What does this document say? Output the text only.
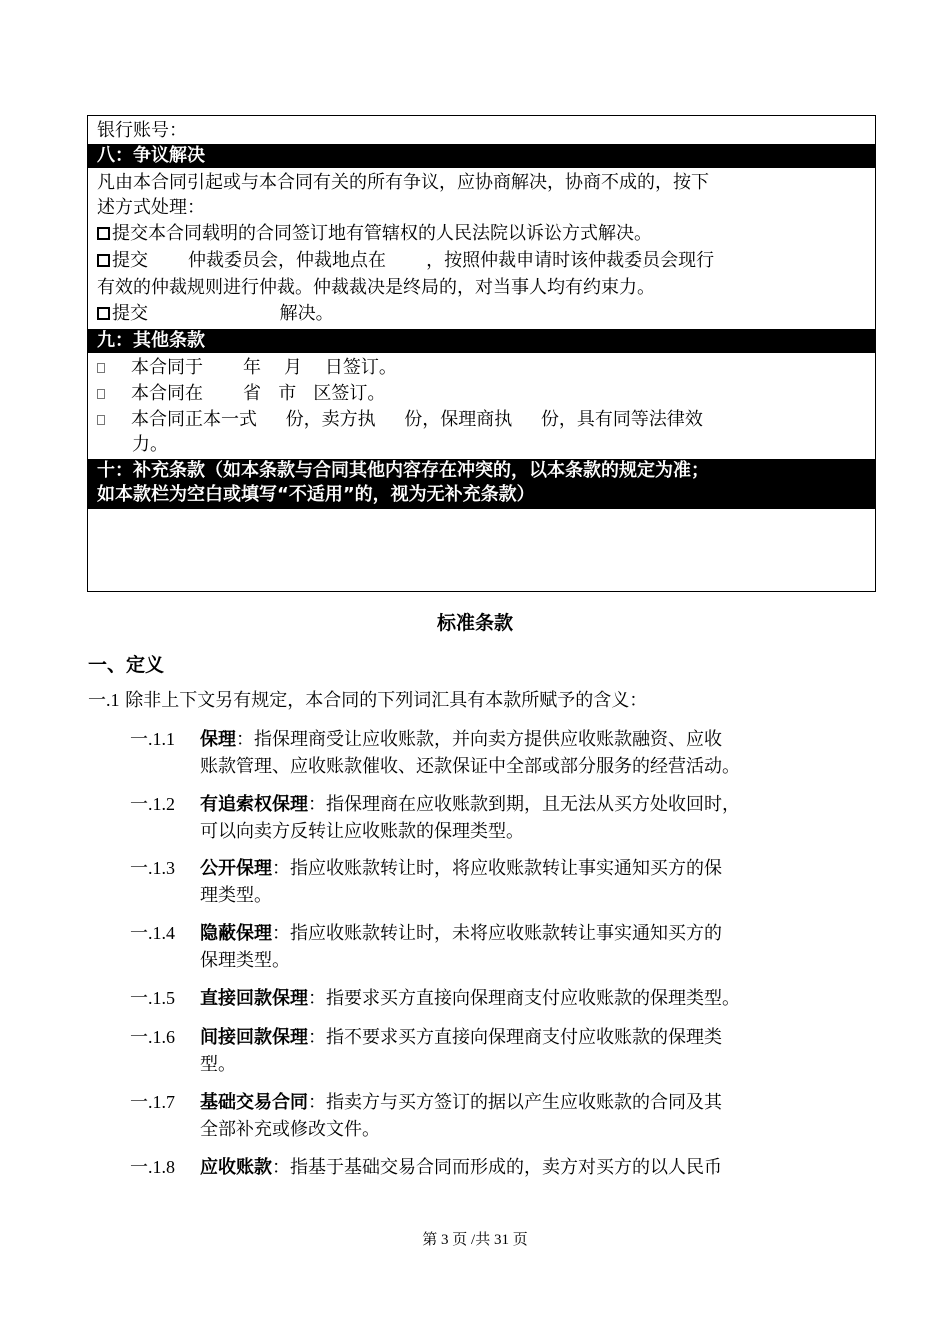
银行账号：
八：争议解决
凡由本合同引起或与本合同有关的所有争议，应协商解决，协商不成的，按下
述方式处理：
提交本合同载明的合同签订地有管辖权的人民法院以诉讼方式解决。
提交       仲裁委员会，仲裁地点在       ，按照仲裁申请时该仲裁委员会现行
有效的仲裁规则进行仲裁。仲裁裁决是终局的，对当事人均有约束力。
提交                       解决。
九：其他条款
本合同于       年    月    日签订。
本合同在       省   市   区签订。
本合同正本一式     份，卖方执     份，保理商执     份，具有同等法律效
力。
十：补充条款（如本条款与合同其他内容存在冲突的，以本条款的规定为准；
如本款栏为空白或填写“不适用”的，视为无补充条款）
标准条款
一、定义
一.1 除非上下文另有规定，本合同的下列词汇具有本款所赋予的含义：
一.1.1	保理：指保理商受让应收账款，并向卖方提供应收账款融资、应收
账款管理、应收账款催收、还款保证中全部或部分服务的经营活动。
一.1.2	有追索权保理：指保理商在应收账款到期，且无法从买方处收回时，
可以向卖方反转让应收账款的保理类型。
一.1.3	公开保理：指应收账款转让时，将应收账款转让事实通知买方的保
理类型。
一.1.4	隐蔽保理：指应收账款转让时，未将应收账款转让事实通知买方的
保理类型。
一.1.5	直接回款保理：指要求买方直接向保理商支付应收账款的保理类型。
一.1.6	间接回款保理：指不要求买方直接向保理商支付应收账款的保理类
型。
一.1.7	基础交易合同：指卖方与买方签订的据以产生应收账款的合同及其
全部补充或修改文件。
一.1.8	应收账款：指基于基础交易合同而形成的，卖方对买方的以人民币
第 3 页 /共 31 页
